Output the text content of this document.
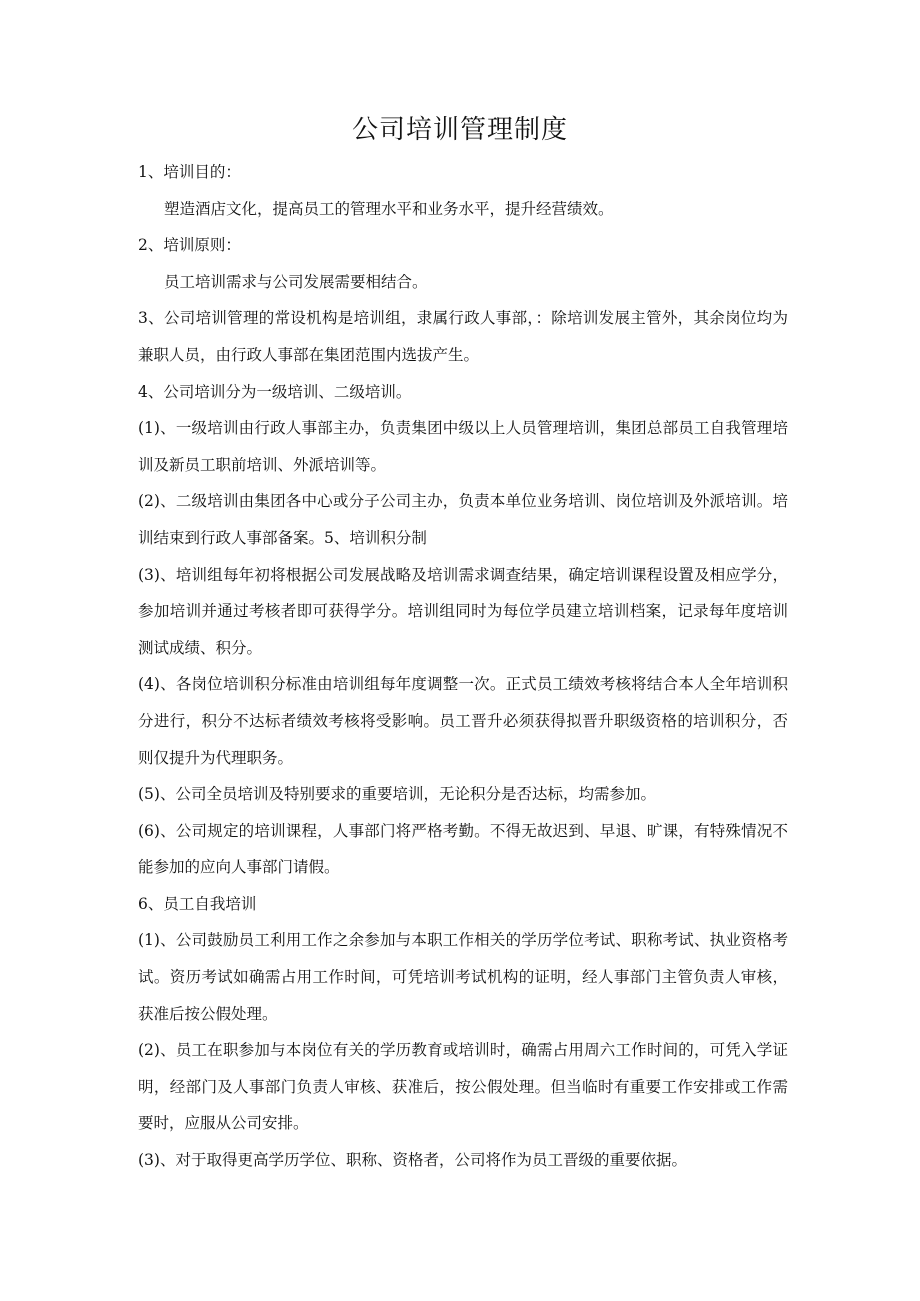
公司培训管理制度

1、培训目的：

塑造酒店文化，提高员工的管理水平和业务水平，提升经营绩效。

2、培训原则：

员工培训需求与公司发展需要相结合。

3、公司培训管理的常设机构是培训组，隶属行政人事部，：除培训发展主管外，其余岗位均为兼职人员，由行政人事部在集团范围内选拔产生。

4、公司培训分为一级培训、二级培训。

(1)、一级培训由行政人事部主办，负责集团中级以上人员管理培训，集团总部员工自我管理培训及新员工职前培训、外派培训等。

(2)、二级培训由集团各中心或分子公司主办，负责本单位业务培训、岗位培训及外派培训。培训结束到行政人事部备案。5、培训积分制

(3)、培训组每年初将根据公司发展战略及培训需求调查结果，确定培训课程设置及相应学分，参加培训并通过考核者即可获得学分。培训组同时为每位学员建立培训档案，记录每年度培训测试成绩、积分。

(4)、各岗位培训积分标准由培训组每年度调整一次。正式员工绩效考核将结合本人全年培训积分进行，积分不达标者绩效考核将受影响。员工晋升必须获得拟晋升职级资格的培训积分，否则仅提升为代理职务。

(5)、公司全员培训及特别要求的重要培训，无论积分是否达标，均需参加。

(6)、公司规定的培训课程，人事部门将严格考勤。不得无故迟到、早退、旷课，有特殊情况不能参加的应向人事部门请假。

6、员工自我培训

(1)、公司鼓励员工利用工作之余参加与本职工作相关的学历学位考试、职称考试、执业资格考试。资历考试如确需占用工作时间，可凭培训考试机构的证明，经人事部门主管负责人审核，获准后按公假处理。

(2)、员工在职参加与本岗位有关的学历教育或培训时，确需占用周六工作时间的，可凭入学证明，经部门及人事部门负责人审核、获准后，按公假处理。但当临时有重要工作安排或工作需要时，应服从公司安排。

(3)、对于取得更高学历学位、职称、资格者，公司将作为员工晋级的重要依据。
